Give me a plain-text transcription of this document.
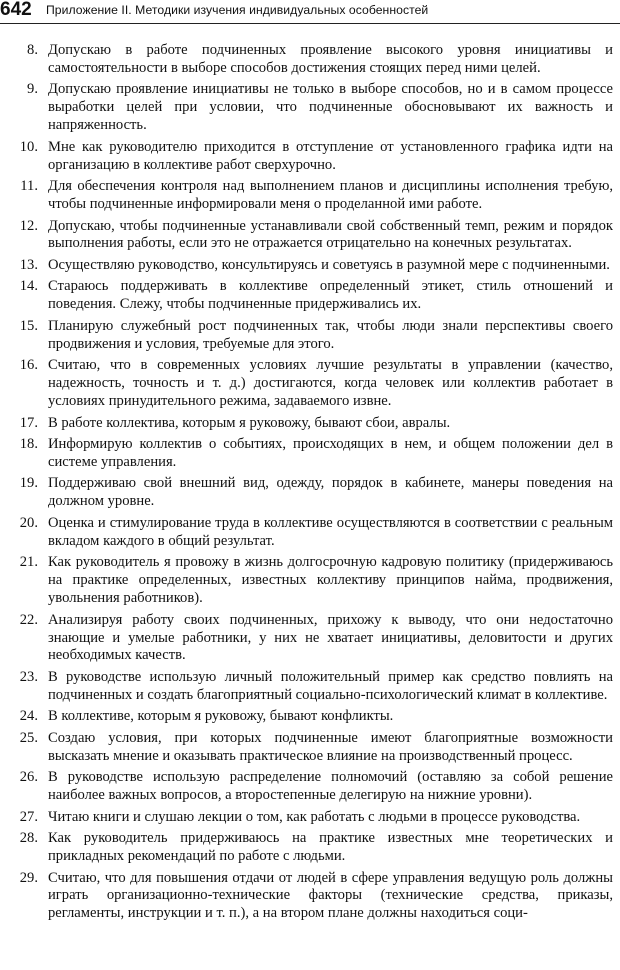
642 Приложение II. Методики изучения индивидуальных особенностей
8. Допускаю в работе подчиненных проявление высокого уровня инициативы и самостоятельности в выборе способов достижения стоящих перед ними целей.
9. Допускаю проявление инициативы не только в выборе способов, но и в самом процессе выработки целей при условии, что подчиненные обосновывают их важность и напряженность.
10. Мне как руководителю приходится в отступление от установленного графика идти на организацию в коллективе работ сверхурочно.
11. Для обеспечения контроля над выполнением планов и дисциплины исполнения требую, чтобы подчиненные информировали меня о проделанной ими работе.
12. Допускаю, чтобы подчиненные устанавливали свой собственный темп, режим и порядок выполнения работы, если это не отражается отрицательно на конечных результатах.
13. Осуществляю руководство, консультируясь и советуясь в разумной мере с подчиненными.
14. Стараюсь поддерживать в коллективе определенный этикет, стиль отношений и поведения. Слежу, чтобы подчиненные придерживались их.
15. Планирую служебный рост подчиненных так, чтобы люди знали перспективы своего продвижения и условия, требуемые для этого.
16. Считаю, что в современных условиях лучшие результаты в управлении (качество, надежность, точность и т. д.) достигаются, когда человек или коллектив работает в условиях принудительного режима, задаваемого извне.
17. В работе коллектива, которым я руковожу, бывают сбои, авралы.
18. Информирую коллектив о событиях, происходящих в нем, и общем положении дел в системе управления.
19. Поддерживаю свой внешний вид, одежду, порядок в кабинете, манеры поведения на должном уровне.
20. Оценка и стимулирование труда в коллективе осуществляются в соответствии с реальным вкладом каждого в общий результат.
21. Как руководитель я провожу в жизнь долгосрочную кадровую политику (придерживаюсь на практике определенных, известных коллективу принципов найма, продвижения, увольнения работников).
22. Анализируя работу своих подчиненных, прихожу к выводу, что они недостаточно знающие и умелые работники, у них не хватает инициативы, деловитости и других необходимых качеств.
23. В руководстве использую личный положительный пример как средство повлиять на подчиненных и создать благоприятный социально-психологический климат в коллективе.
24. В коллективе, которым я руковожу, бывают конфликты.
25. Создаю условия, при которых подчиненные имеют благоприятные возможности высказать мнение и оказывать практическое влияние на производственный процесс.
26. В руководстве использую распределение полномочий (оставляю за собой решение наиболее важных вопросов, а второстепенные делегирую на нижние уровни).
27. Читаю книги и слушаю лекции о том, как работать с людьми в процессе руководства.
28. Как руководитель придерживаюсь на практике известных мне теоретических и прикладных рекомендаций по работе с людьми.
29. Считаю, что для повышения отдачи от людей в сфере управления ведущую роль должны играть организационно-технические факторы (технические средства, приказы, регламенты, инструкции и т. п.), а на втором плане должны находиться соци-
